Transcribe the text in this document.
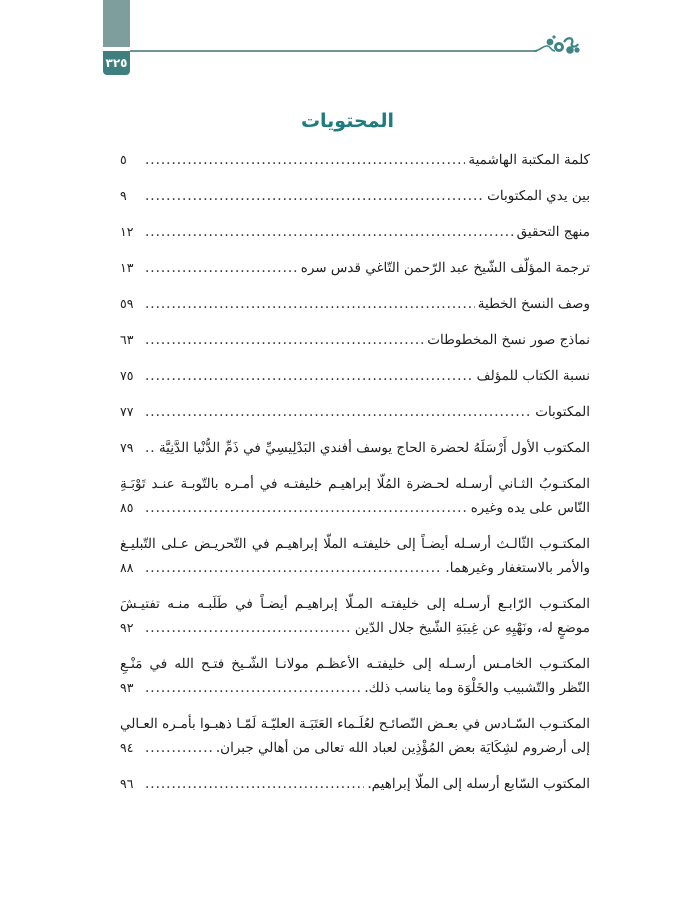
٣٢٥
المحتويات
كلمة المكتبة الهاشمية
.....
٥
بين يدي المكتوبات
.....
٩
منهج التحقيق
.....
١٢
ترجمة المؤلّف الشّيخ عبد الرّحمن التّاغي قدس سره
.....
١٣
وصف النسخ الخطية
.....
٥٩
نماذج صور نسخ المخطوطات
.....
٦٣
نسبة الكتاب للمؤلف
.....
٧٥
المكتوبات
.....
٧٧
المكتوب الأول أَرْسَلَهُ لحضرة الحاج يوسف أفندي البَدْلِيسِيِّ في ذَمِّ الدُّنْيا الدَّنِيَّة
.....
٧٩
المكتـوبُ الثـاني أرسـله لحـضرة المُلّا إبراهيـم خليفتـه في أمـره بالتّوبـة عنـد تَوْبَـةِ
النّاس على يده وغيره
.....
٨٥
المكتـوب الثّالـث أرسـله أيضـاً إلى خليفتـه الملّا إبراهيـم في التّحريـض عـلى التّبليـغ
والأمر بالاستغفار وغيرهما.
.....
٨٨
المكتـوب الرّابـع أرسـله إلى خليفتـه المـلّا إبراهيـم أيضـاً في طَلَبـه منـه تفتيـشَ
موضعٍ له، ونَهْيِهِ عن غِيبَةِ الشّيخ جلال الدّين
.....
٩٢
المكتـوب الخامـس أرسـله إلى خليفتـه الأعظـم مولانـا الشّـيخ فتـح الله في مَنْـعِ
النّظر والتّشبيب والخَلْوَة وما يناسب ذلك.
.....
٩٣
المكتـوب السّـادس في بعـض النّصائـح لعُلَـماء العَتَبَـة العليّـة لَمّـا ذهبـوا بأمـره العـالي
إلى أرضروم لشِكَايَة بعض المُؤْذِين لعباد الله تعالى من أهالي جبران.
.....
٩٤
المكتوب السّابع أرسله إلى الملّا إبراهيم.
.....
٩٦
